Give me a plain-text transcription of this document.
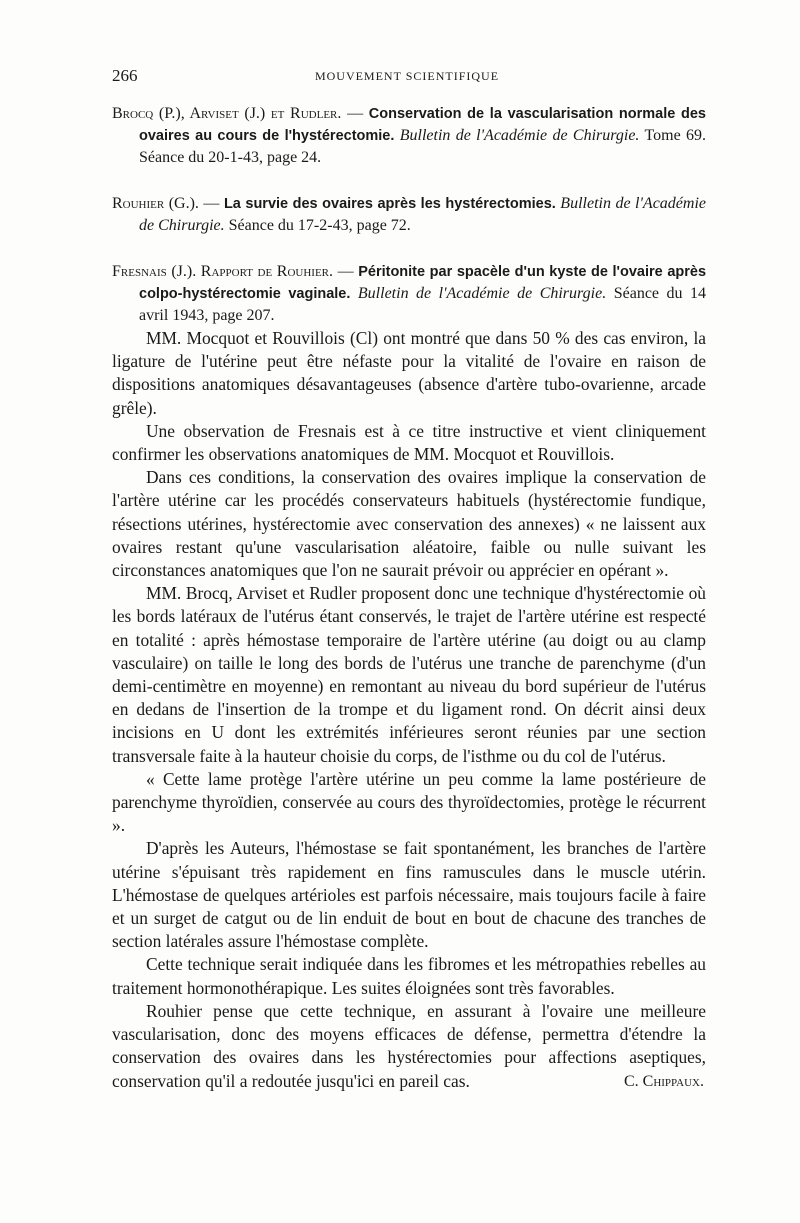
266	MOUVEMENT SCIENTIFIQUE
Brocq (P.), Arviset (J.) et Rudler. — Conservation de la vascularisation normale des ovaires au cours de l'hystérectomie. Bulletin de l'Académie de Chirurgie. Tome 69. Séance du 20-1-43, page 24.
Rouhier (G.). — La survie des ovaires après les hystérectomies. Bulletin de l'Académie de Chirurgie. Séance du 17-2-43, page 72.
Fresnais (J.). Rapport de Rouhier. — Péritonite par spacèle d'un kyste de l'ovaire après colpo-hystérectomie vaginale. Bulletin de l'Académie de Chirurgie. Séance du 14 avril 1943, page 207.

MM. Mocquot et Rouvillois (Cl) ont montré que dans 50 % des cas environ, la ligature de l'utérine peut être néfaste pour la vitalité de l'ovaire en raison de dispositions anatomiques désavantageuses (absence d'artère tubo-ovarienne, arcade grêle).

Une observation de Fresnais est à ce titre instructive et vient cliniquement confirmer les observations anatomiques de MM. Mocquot et Rouvillois.

Dans ces conditions, la conservation des ovaires implique la conservation de l'artère utérine car les procédés conservateurs habituels (hystérectomie fundique, résections utérines, hystérectomie avec conservation des annexes) « ne laissent aux ovaires restant qu'une vascularisation aléatoire, faible ou nulle suivant les circonstances anatomiques que l'on ne saurait prévoir ou apprécier en opérant ».

MM. Brocq, Arviset et Rudler proposent donc une technique d'hystérectomie où les bords latéraux de l'utérus étant conservés, le trajet de l'artère utérine est respecté en totalité : après hémostase temporaire de l'artère utérine (au doigt ou au clamp vasculaire) on taille le long des bords de l'utérus une tranche de parenchyme (d'un demi-centimètre en moyenne) en remontant au niveau du bord supérieur de l'utérus en dedans de l'insertion de la trompe et du ligament rond. On décrit ainsi deux incisions en U dont les extrémités inférieures seront réunies par une section transversale faite à la hauteur choisie du corps, de l'isthme ou du col de l'utérus.

« Cette lame protège l'artère utérine un peu comme la lame postérieure de parenchyme thyroïdien, conservée au cours des thyroïdectomies, protège le récurrent ».

D'après les Auteurs, l'hémostase se fait spontanément, les branches de l'artère utérine s'épuisant très rapidement en fins ramuscules dans le muscle utérin. L'hémostase de quelques artérioles est parfois nécessaire, mais toujours facile à faire et un surget de catgut ou de lin enduit de bout en bout de chacune des tranches de section latérales assure l'hémostase complète.

Cette technique serait indiquée dans les fibromes et les métropathies rebelles au traitement hormonothérapique. Les suites éloignées sont très favorables.

Rouhier pense que cette technique, en assurant à l'ovaire une meilleure vascularisation, donc des moyens efficaces de défense, permettra d'étendre la conservation des ovaires dans les hystérectomies pour affections aseptiques, conservation qu'il a redoutée jusqu'ici en pareil cas.	C. Chippaux.
